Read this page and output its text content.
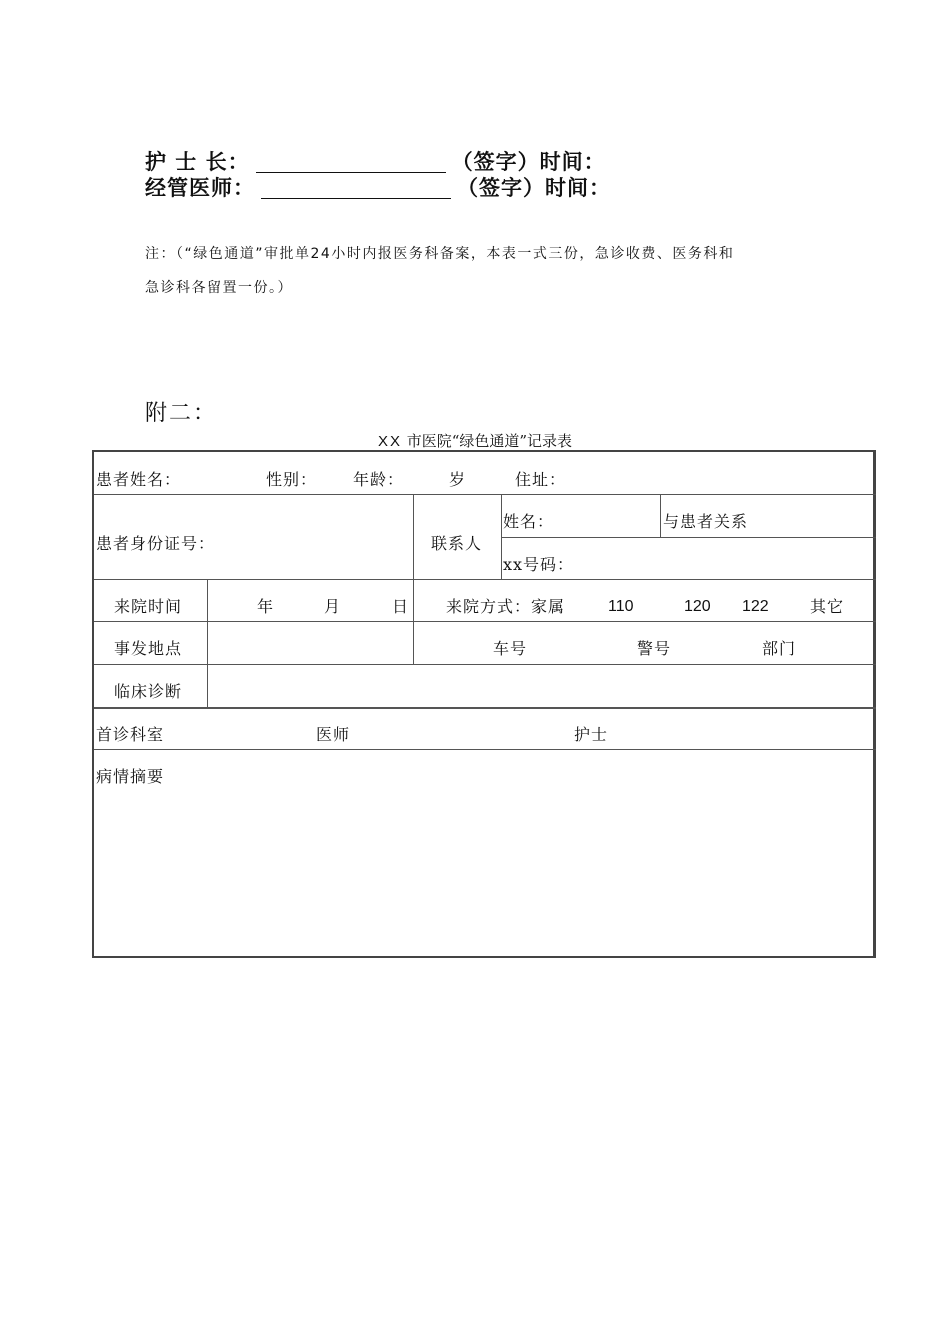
护 士 长：	（签字）时间：
经管医师：	（签字）时间：
注：（“绿色通道”审批单24小时内报医务科备案，本表一式三份，急诊收费、医务科和
急诊科各留置一份。）
附二：
XX 市医院“绿色通道”记录表
患者姓名：	性别： 年龄：	岁	住址：
患者身份证号：	联系人
姓名：	与患者关系
xx号码：
来院时间	年	月	日 来院方式：家属	110	120 122	其它
事发地点	车号	警号	部门
临床诊断
首诊科室	医师	护士
病情摘要
